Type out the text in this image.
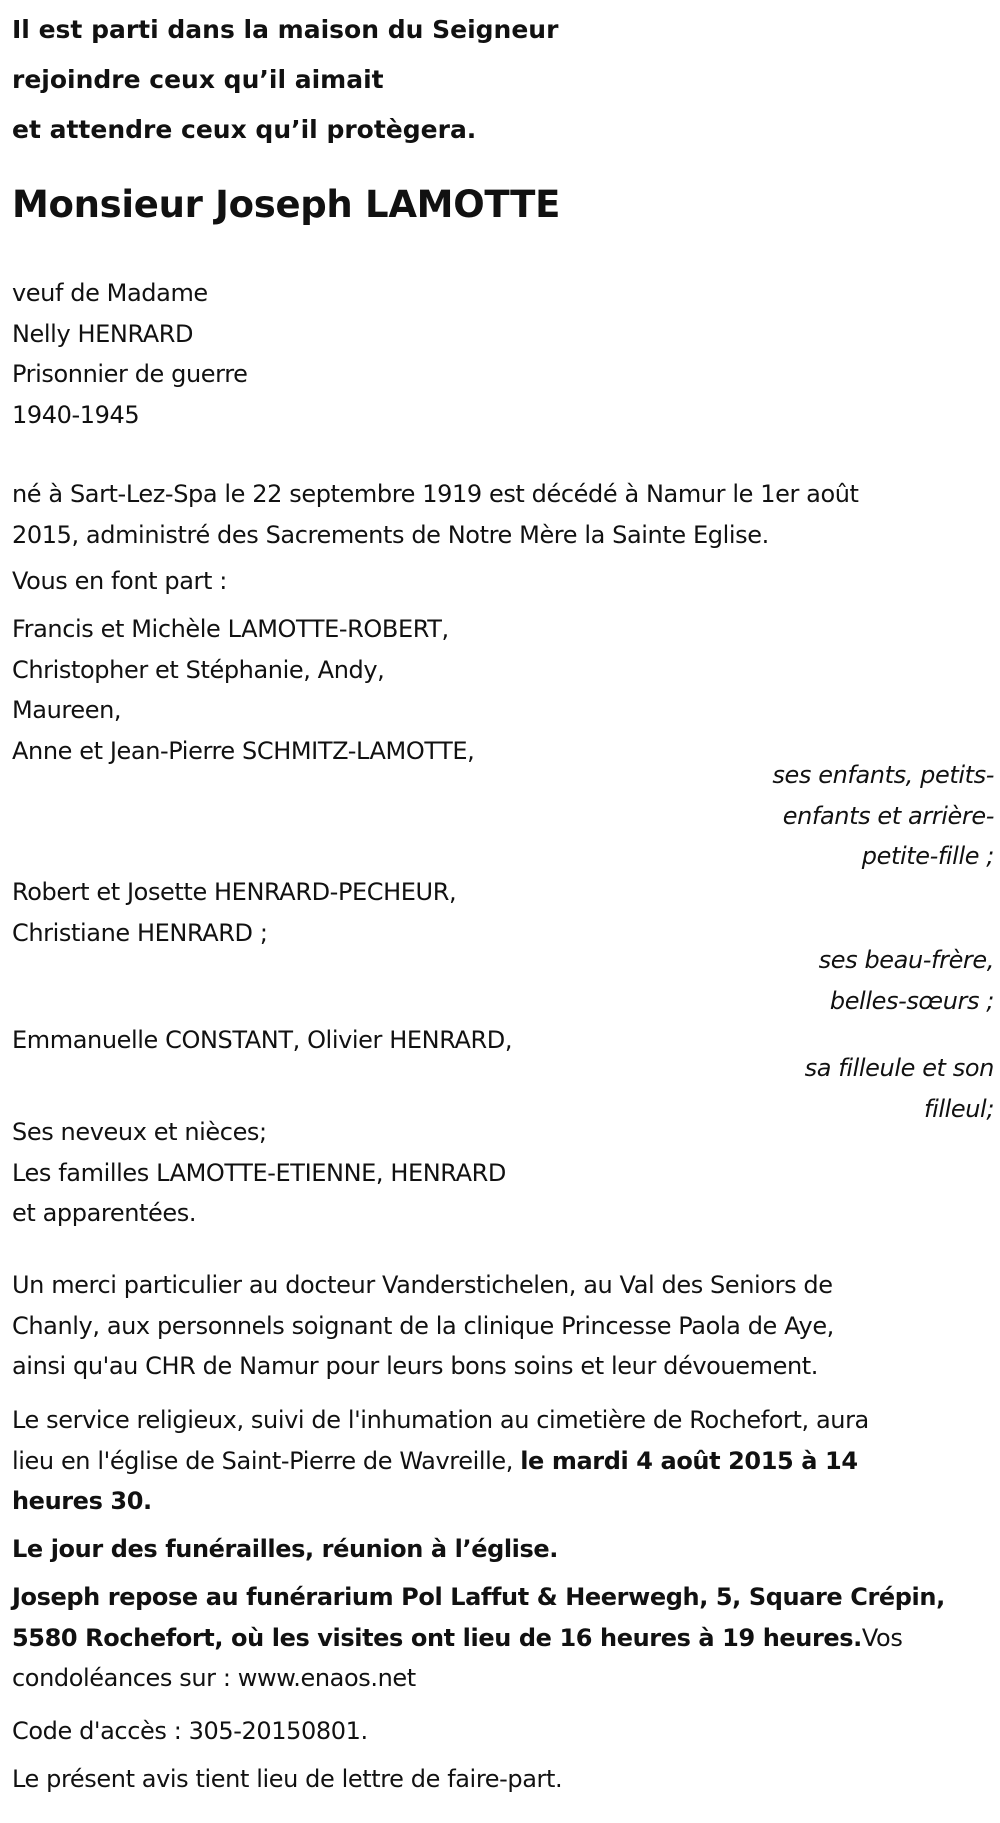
Il est parti dans la maison du Seigneur
rejoindre ceux qu’il aimait
et attendre ceux qu’il protègera.
Monsieur Joseph LAMOTTE
veuf de Madame
Nelly HENRARD
Prisonnier de guerre
1940-1945
né à Sart-Lez-Spa le 22 septembre 1919 est décédé à Namur le 1er août
2015, administré des Sacrements de Notre Mère la Sainte Eglise.
Vous en font part :
Francis et Michèle LAMOTTE-ROBERT,
Christopher et Stéphanie, Andy,
Maureen,
Anne et Jean-Pierre SCHMITZ-LAMOTTE,
ses enfants, petits-
enfants et arrière-
petite-fille ;
Robert et Josette HENRARD-PECHEUR,
Christiane HENRARD ;
ses beau-frère,
belles-sœurs ;
Emmanuelle CONSTANT, Olivier HENRARD,
sa filleule et son
filleul;
Ses neveux et nièces;
Les familles LAMOTTE-ETIENNE, HENRARD
et apparentées.
Un merci particulier au docteur Vanderstichelen, au Val des Seniors de
Chanly, aux personnels soignant de la clinique Princesse Paola de Aye,
ainsi qu'au CHR de Namur pour leurs bons soins et leur dévouement.
Le service religieux, suivi de l'inhumation au cimetière de Rochefort, aura
lieu en l'église de Saint-Pierre de Wavreille, le mardi 4 août 2015 à 14
heures 30.
Le jour des funérailles, réunion à l’église.
Joseph repose au funérarium Pol Laffut & Heerwegh, 5, Square Crépin,
5580 Rochefort, où les visites ont lieu de 16 heures à 19 heures.Vos
condoléances sur : www.enaos.net
Code d'accès : 305-20150801.
Le présent avis tient lieu de lettre de faire-part.
